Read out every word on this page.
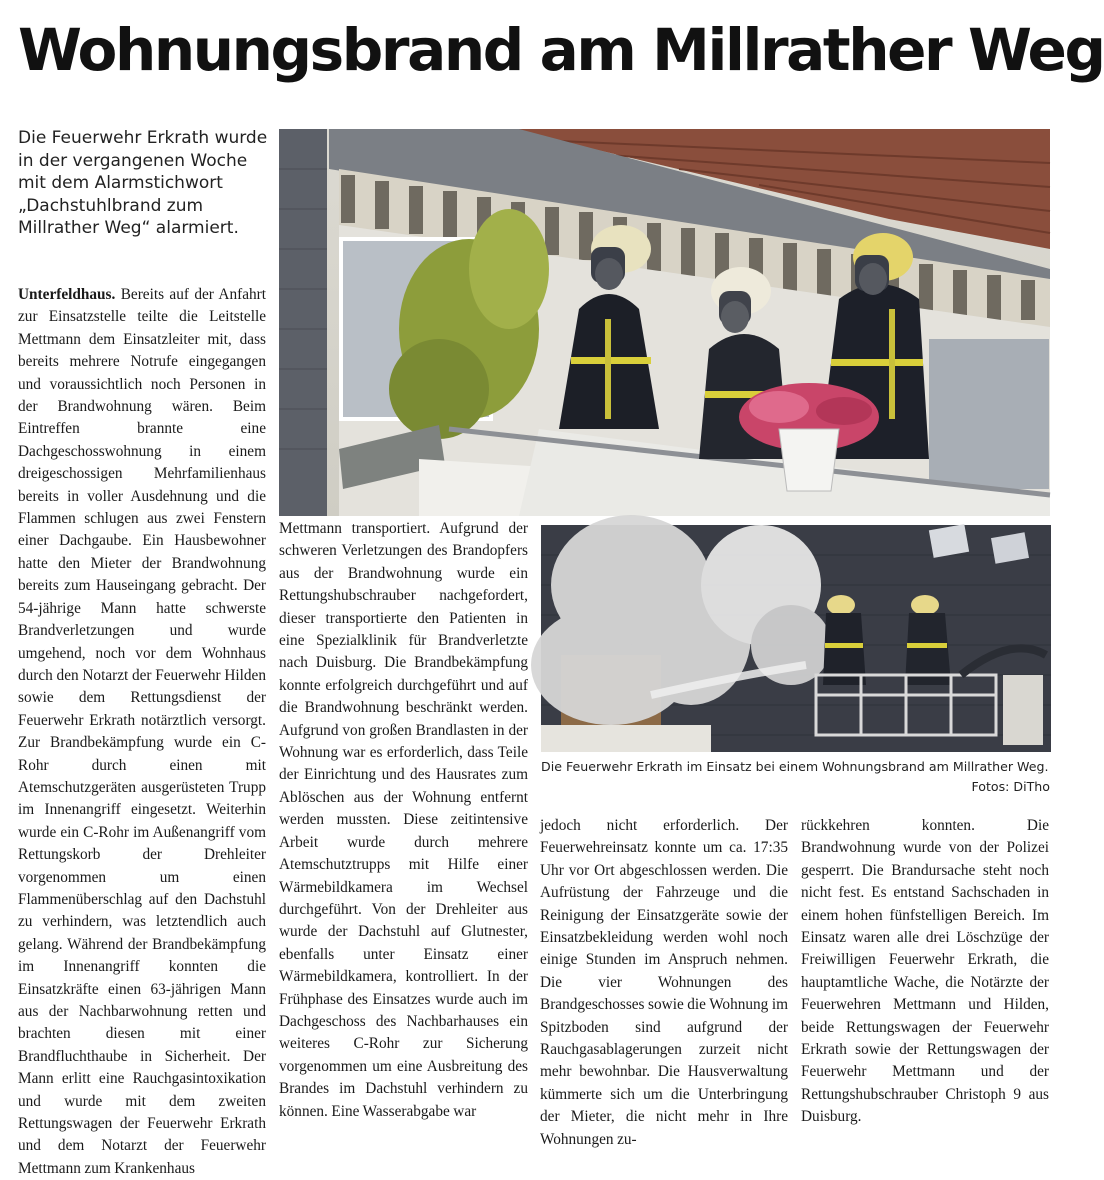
Wohnungsbrand am Millrather Weg

Die Feuerwehr Erkrath wurde in der vergangenen Woche mit dem Alarmstichwort „Dachstuhlbrand zum Millrather Weg“ alarmiert.

Unterfeldhaus. Bereits auf der Anfahrt zur Einsatzstelle teilte die Leitstelle Mettmann dem Einsatzleiter mit, dass bereits mehrere Notrufe eingegangen und voraussichtlich noch Personen in der Brandwohnung wären. Beim Eintreffen brannte eine Dachgeschosswohnung in einem dreigeschossigen Mehrfamilienhaus bereits in voller Ausdehnung und die Flammen schlugen aus zwei Fenstern einer Dachgaube. Ein Hausbewohner hatte den Mieter der Brandwohnung bereits zum Hauseingang gebracht. Der 54-jährige Mann hatte schwerste Brandverletzungen und wurde umgehend, noch vor dem Wohnhaus durch den Notarzt der Feuerwehr Hilden sowie dem Rettungsdienst der Feuerwehr Erkrath notärztlich versorgt. Zur Brandbekämpfung wurde ein C-Rohr durch einen mit Atemschutzgeräten ausgerüsteten Trupp im Innenangriff eingesetzt. Weiterhin wurde ein C-Rohr im Außenangriff vom Rettungskorb der Drehleiter vorgenommen um einen Flammenüberschlag auf den Dachstuhl zu verhindern, was letztendlich auch gelang. Während der Brandbekämpfung im Innenangriff konnten die Einsatzkräfte einen 63-jährigen Mann aus der Nachbarwohnung retten und brachten diesen mit einer Brandfluchthaube in Sicherheit. Der Mann erlitt eine Rauchgasintoxikation und wurde mit dem zweiten Rettungswagen der Feuerwehr Erkrath und dem Notarzt der Feuerwehr Mettmann zum Krankenhaus
Mettmann transportiert. Aufgrund der schweren Verletzungen des Brandopfers aus der Brandwohnung wurde ein Rettungshubschrauber nachgefordert, dieser transportierte den Patienten in eine Spezialklinik für Brandverletzte nach Duisburg. Die Brandbekämpfung konnte erfolgreich durchgeführt und auf die Brandwohnung beschränkt werden. Aufgrund von großen Brandlasten in der Wohnung war es erforderlich, dass Teile der Einrichtung und des Hausrates zum Ablöschen aus der Wohnung entfernt werden mussten. Diese zeitintensive Arbeit wurde durch mehrere Atemschutztrupps mit Hilfe einer Wärmebildkamera im Wechsel durchgeführt. Von der Drehleiter aus wurde der Dachstuhl auf Glutnester, ebenfalls unter Einsatz einer Wärmebildkamera, kontrolliert. In der Frühphase des Einsatzes wurde auch im Dachgeschoss des Nachbarhauses ein weiteres C-Rohr zur Sicherung vorgenommen um eine Ausbreitung des Brandes im Dachstuhl verhindern zu können. Eine Wasserabgabe war
jedoch nicht erforderlich. Der Feuerwehreinsatz konnte um ca. 17:35 Uhr vor Ort abgeschlossen werden. Die Aufrüstung der Fahrzeuge und die Reinigung der Einsatzgeräte sowie der Einsatzbekleidung werden wohl noch einige Stunden im Anspruch nehmen. Die vier Wohnungen des Brandgeschosses sowie die Wohnung im Spitzboden sind aufgrund der Rauchgasablagerungen zurzeit nicht mehr bewohnbar. Die Hausverwaltung kümmerte sich um die Unterbringung der Mieter, die nicht mehr in Ihre Wohnungen zu-
rückkehren konnten. Die Brandwohnung wurde von der Polizei gesperrt. Die Brandursache steht noch nicht fest. Es entstand Sachschaden in einem hohen fünfstelligen Bereich. Im Einsatz waren alle drei Löschzüge der Freiwilligen Feuerwehr Erkrath, die hauptamtliche Wache, die Notärzte der Feuerwehren Mettmann und Hilden, beide Rettungswagen der Feuerwehr Erkrath sowie der Rettungswagen der Feuerwehr Mettmann und der Rettungshubschrauber Christoph 9 aus Duisburg.

Die Feuerwehr Erkrath im Einsatz bei einem Wohnungsbrand am Millrather Weg.

Fotos: DiTho
